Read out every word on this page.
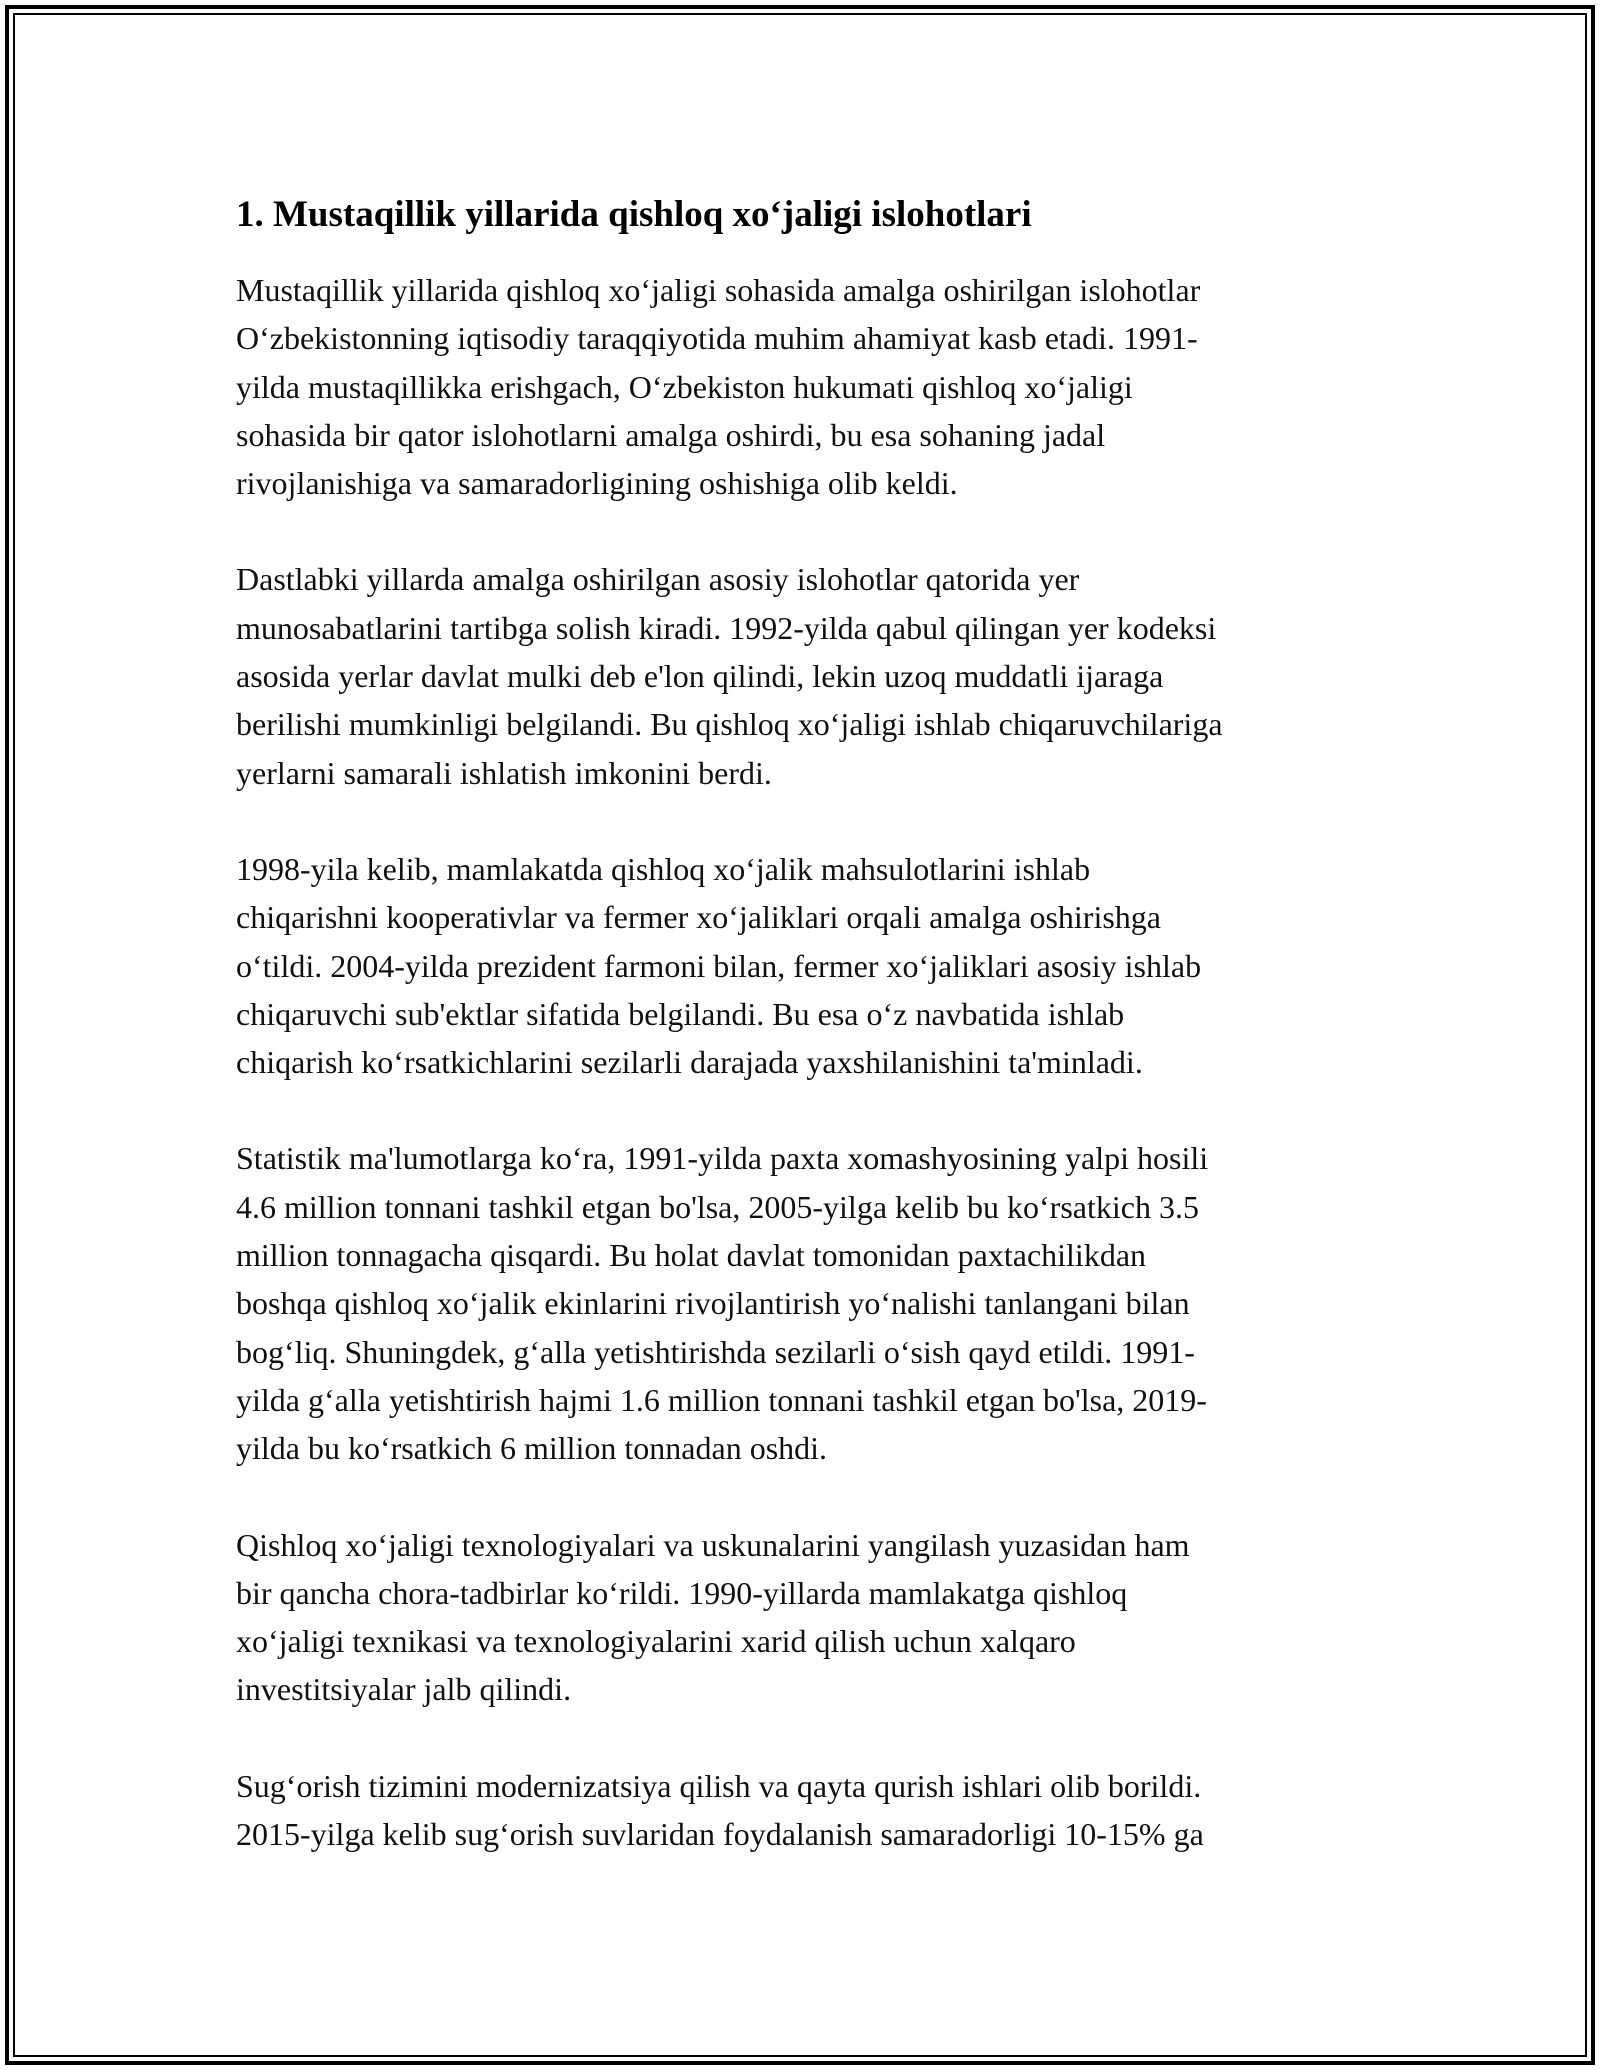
1. Mustaqillik yillarida qishloq xo‘jaligi islohotlari

Mustaqillik yillarida qishloq xo‘jaligi sohasida amalga oshirilgan islohotlar
O‘zbekistonning iqtisodiy taraqqiyotida muhim ahamiyat kasb etadi. 1991-
yilda mustaqillikka erishgach, O‘zbekiston hukumati qishloq xo‘jaligi
sohasida bir qator islohotlarni amalga oshirdi, bu esa sohaning jadal
rivojlanishiga va samaradorligining oshishiga olib keldi.

Dastlabki yillarda amalga oshirilgan asosiy islohotlar qatorida yer
munosabatlarini tartibga solish kiradi. 1992-yilda qabul qilingan yer kodeksi
asosida yerlar davlat mulki deb e'lon qilindi, lekin uzoq muddatli ijaraga
berilishi mumkinligi belgilandi. Bu qishloq xo‘jaligi ishlab chiqaruvchilariga
yerlarni samarali ishlatish imkonini berdi.

1998-yila kelib, mamlakatda qishloq xo‘jalik mahsulotlarini ishlab
chiqarishni kooperativlar va fermer xo‘jaliklari orqali amalga oshirishga
o‘tildi. 2004-yilda prezident farmoni bilan, fermer xo‘jaliklari asosiy ishlab
chiqaruvchi sub'ektlar sifatida belgilandi. Bu esa o‘z navbatida ishlab
chiqarish ko‘rsatkichlarini sezilarli darajada yaxshilanishini ta'minladi.

Statistik ma'lumotlarga ko‘ra, 1991-yilda paxta xomashyosining yalpi hosili
4.6 million tonnani tashkil etgan bo'lsa, 2005-yilga kelib bu ko‘rsatkich 3.5
million tonnagacha qisqardi. Bu holat davlat tomonidan paxtachilikdan
boshqa qishloq xo‘jalik ekinlarini rivojlantirish yo‘nalishi tanlangani bilan
bog‘liq. Shuningdek, g‘alla yetishtirishda sezilarli o‘sish qayd etildi. 1991-
yilda g‘alla yetishtirish hajmi 1.6 million tonnani tashkil etgan bo'lsa, 2019-
yilda bu ko‘rsatkich 6 million tonnadan oshdi.

Qishloq xo‘jaligi texnologiyalari va uskunalarini yangilash yuzasidan ham
bir qancha chora-tadbirlar ko‘rildi. 1990-yillarda mamlakatga qishloq
xo‘jaligi texnikasi va texnologiyalarini xarid qilish uchun xalqaro
investitsiyalar jalb qilindi.

Sug‘orish tizimini modernizatsiya qilish va qayta qurish ishlari olib borildi.
2015-yilga kelib sug‘orish suvlaridan foydalanish samaradorligi 10-15% ga
